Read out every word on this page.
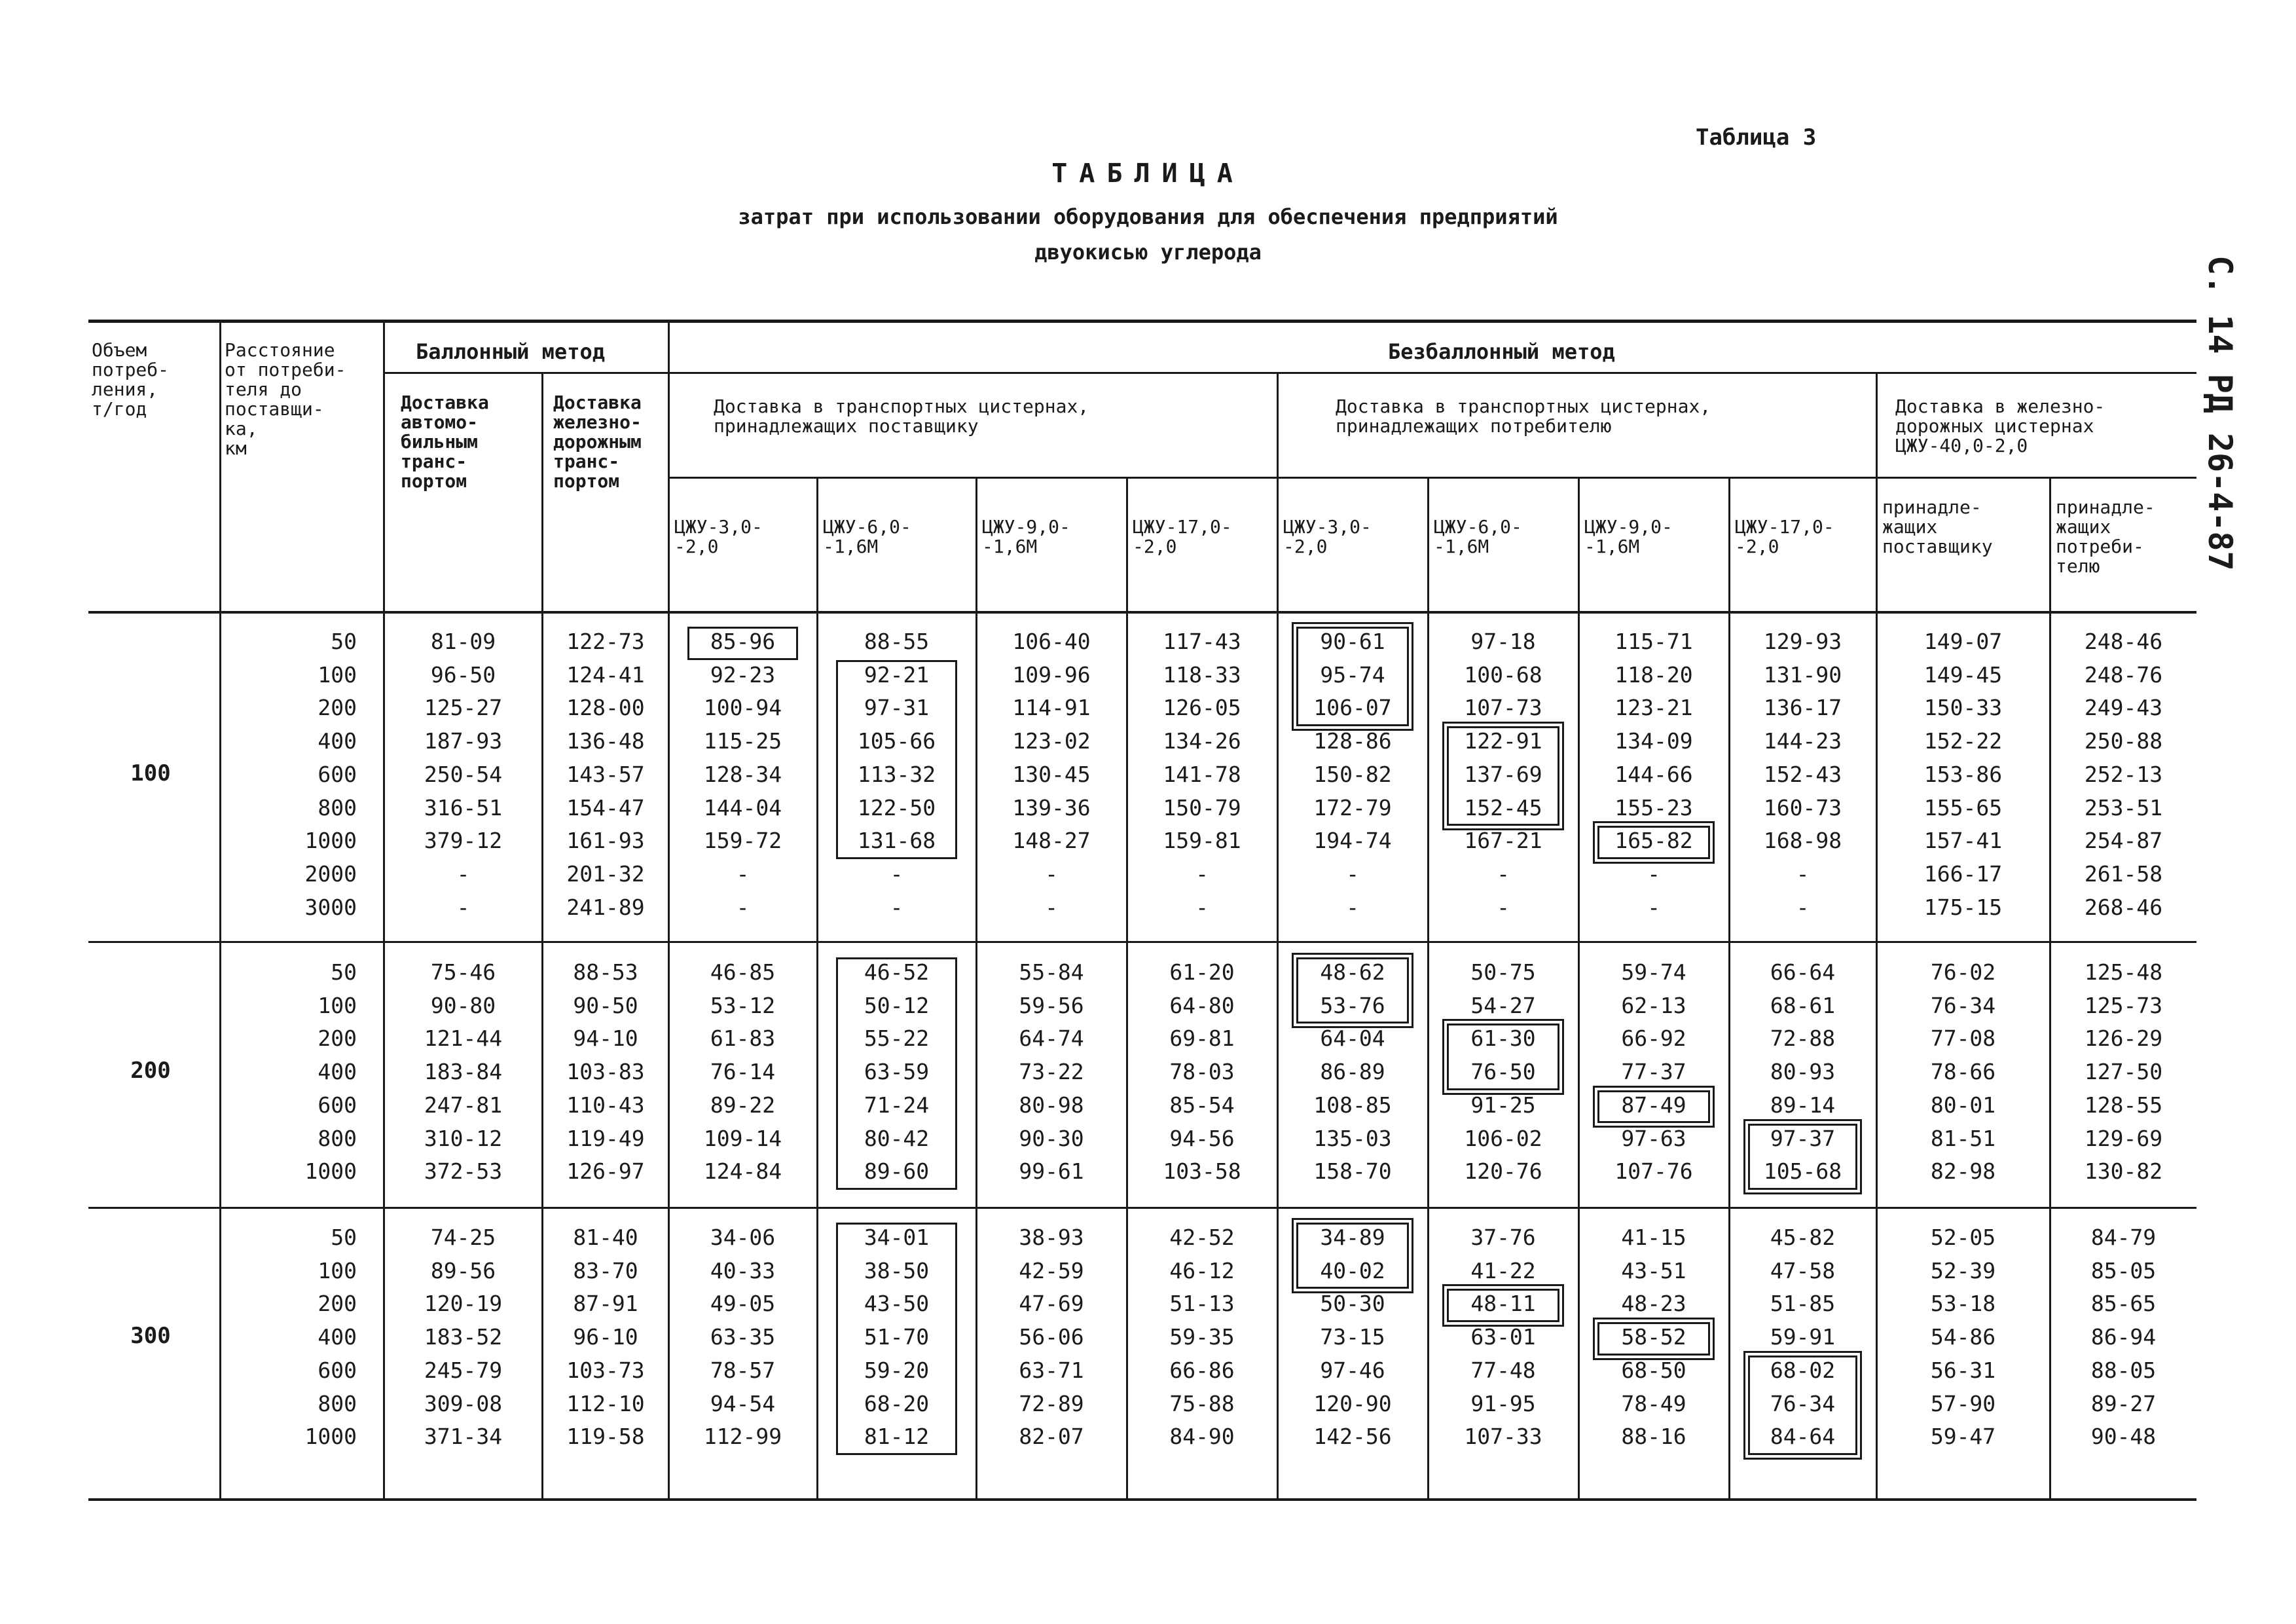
Таблица 3
ТАБЛИЦА
затрат при использовании оборудования для обеспечения предприятий
двуокисью углерода
С. 14 РД 26-4-87
Объем
потреб-
ления,
т/год
Расстояние
от потреби-
теля до
поставщи-
ка,
км
Баллонный метод	Безбаллонный метод
Доставка
автомо-
бильным
транс-
портом
Доставка
железно-
дорожным
транс-
портом
Доставка в транспортных цистернах,
принадлежащих поставщику
Доставка в транспортных цистернах,
принадлежащих потребителю
Доставка в железно-
дорожных цистернах
ЦЖУ-40,0-2,0
ЦЖУ-3,0-
-2,0
ЦЖУ-6,0-
-1,6М
ЦЖУ-9,0-
-1,6М
ЦЖУ-17,0-
-2,0
ЦЖУ-3,0-
-2,0
ЦЖУ-6,0-
-1,6М
ЦЖУ-9,0-
-1,6М
ЦЖУ-17,0-
-2,0
принадле-
жащих
поставщику
принадле-
жащих
потреби-
телю
100
50
100
200
400
600
800
1000
2000
3000
81-09
96-50
125-27
187-93
250-54
316-51
379-12
-
-
122-73
124-41
128-00
136-48
143-57
154-47
161-93
201-32
241-89
85-96
92-23
100-94
115-25
128-34
144-04
159-72
-
-
88-55
92-21
97-31
105-66
113-32
122-50
131-68
-
-
106-40
109-96
114-91
123-02
130-45
139-36
148-27
-
-
117-43
118-33
126-05
134-26
141-78
150-79
159-81
-
-
90-61
95-74
106-07
128-86
150-82
172-79
194-74
-
-
97-18
100-68
107-73
122-91
137-69
152-45
167-21
-
-
115-71
118-20
123-21
134-09
144-66
155-23
165-82
-
-
129-93
131-90
136-17
144-23
152-43
160-73
168-98
-
-
149-07
149-45
150-33
152-22
153-86
155-65
157-41
166-17
175-15
248-46
248-76
249-43
250-88
252-13
253-51
254-87
261-58
268-46
200
50
100
200
400
600
800
1000
75-46
90-80
121-44
183-84
247-81
310-12
372-53
88-53
90-50
94-10
103-83
110-43
119-49
126-97
46-85
53-12
61-83
76-14
89-22
109-14
124-84
46-52
50-12
55-22
63-59
71-24
80-42
89-60
55-84
59-56
64-74
73-22
80-98
90-30
99-61
61-20
64-80
69-81
78-03
85-54
94-56
103-58
48-62
53-76
64-04
86-89
108-85
135-03
158-70
50-75
54-27
61-30
76-50
91-25
106-02
120-76
59-74
62-13
66-92
77-37
87-49
97-63
107-76
66-64
68-61
72-88
80-93
89-14
97-37
105-68
76-02
76-34
77-08
78-66
80-01
81-51
82-98
125-48
125-73
126-29
127-50
128-55
129-69
130-82
300
50
100
200
400
600
800
1000
74-25
89-56
120-19
183-52
245-79
309-08
371-34
81-40
83-70
87-91
96-10
103-73
112-10
119-58
34-06
40-33
49-05
63-35
78-57
94-54
112-99
34-01
38-50
43-50
51-70
59-20
68-20
81-12
38-93
42-59
47-69
56-06
63-71
72-89
82-07
42-52
46-12
51-13
59-35
66-86
75-88
84-90
34-89
40-02
50-30
73-15
97-46
120-90
142-56
37-76
41-22
48-11
63-01
77-48
91-95
107-33
41-15
43-51
48-23
58-52
68-50
78-49
88-16
45-82
47-58
51-85
59-91
68-02
76-34
84-64
52-05
52-39
53-18
54-86
56-31
57-90
59-47
84-79
85-05
85-65
86-94
88-05
89-27
90-48
